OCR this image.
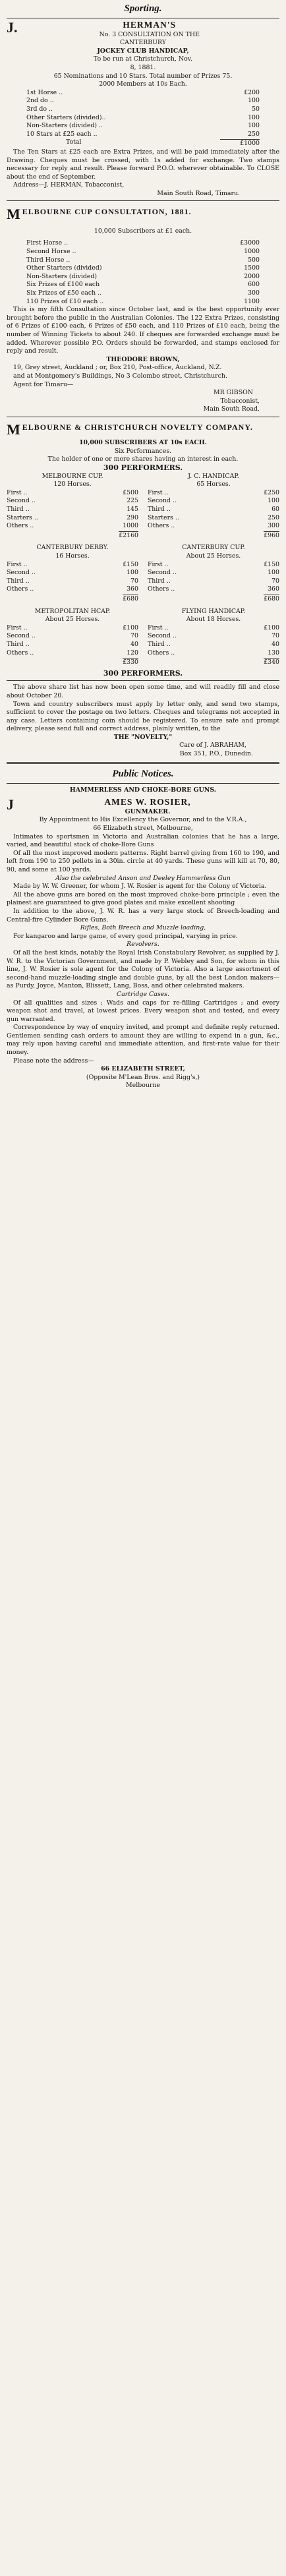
Sporting.

J.	HERMAN'S

No. 3 CONSULTATION ON THE

CANTERBURY

JOCKEY CLUB HANDICAP,

To be run at Christchurch, Nov.

8, 1881.

65 Nominations and 10 Stars. Total number of Prizes 75.

2000 Members at 10s Each.

1st Horse ..	£200
2nd do ..	100
3rd do ..	50
Other Starters (divided)..	100
Non-Starters (divided) ..	100
10 Stars at £25 each ..	250
Total	£1000

The Ten Stars at £25 each are Extra Prizes, and will be paid immediately after the Drawing. Cheques must be crossed, with 1s added for exchange. Two stamps necessary for reply and result. Please forward P.O.O. wherever obtainable. To CLOSE about the end of September.

Address—J. HERMAN, Tobacconist,

Main South Road, Timaru.

MELBOURNE CUP CONSULTATION, 1881.

10,000 Subscribers at £1 each.

First Horse ..	£3000
Second Horse ..	1000
Third Horse ..	500
Other Starters (divided)	1500
Non-Starters (divided)	2000
Six Prizes of £100 each	600
Six Prizes of £50 each ..	300
110 Prizes of £10 each ..	1100

This is my fifth Consultation since October last, and is the best opportunity ever brought before the public in the Australian Colonies. The 122 Extra Prizes, consisting of 6 Prizes of £100 each, 6 Prizes of £50 each, and 110 Prizes of £10 each, being the number of Winning Tickets to about 240. If cheques are forwarded exchange must be added. Wherever possible P.O. Orders should be forwarded, and stamps enclosed for reply and result.

THEODORE BROWN,

19, Grey street, Auckland ; or, Box 210, Post-office, Auckland, N.Z.

and at Montgomery's Buildings, No 3 Colombo street, Christchurch.

Agent for Timaru—

MR GIBSON

Tobacconist,

Main South Road.

MELBOURNE & CHRISTCHURCH NOVELTY COMPANY.

10,000 SUBSCRIBERS AT 10s EACH.

Six Performances.

The holder of one or more shares having an interest in each.

300 PERFORMERS.

MELBOURNE CUP.

120 Horses.

First ..	£500
Second ..	225
Third ..	145
Starters ..	290
Others ..	1000
£2160

J. C. HANDICAP.

65 Horses.

First ..	£250
Second ..	100
Third ..	60
Starters ..	250
Others ..	300
£960

CANTERBURY DERBY.

16 Horses.

First ..	£150
Second ..	100
Third ..	70
Others ..	360
£680

CANTERBURY CUP.

About 25 Horses.

First ..	£150
Second ..	100
Third ..	70
Others ..	360
£680

METROPOLITAN HCAP.

About 25 Horses.

First ..	£100
Second ..	70
Third ..	40
Others ..	120
£330

FLYING HANDICAP.

About 18 Horses.

First ..	£100
Second ..	70
Third ..	40
Others ..	130
£340

300 PERFORMERS.

The above share list has now been open some time, and will readily fill and close about October 20.

Town and country subscribers must apply by letter only, and send two stamps, sufficient to cover the postage on two letters. Cheques and telegrams not accepted in any case. Letters containing coin should be registered. To ensure safe and prompt delivery, please send full and correct address, plainly written, to the

THE "NOVELTY,"

Care of J. ABRAHAM,

Box 351, P.O., Dunedin.

Public Notices.

HAMMERLESS AND CHOKE-BORE GUNS.

J	AMES W. ROSIER,

GUNMAKER.

By Appointment to His Excellency the Governor, and to the V.R.A.,

66 Elizabeth street, Melbourne,

Intimates to sportsmen in Victoria and Australian colonies that he has a large, varied, and beautiful stock of choke-Bore Guns

Of all the most improved modern patterns. Right barrel giving from 160 to 190, and left from 190 to 250 pellets in a 30in. circle at 40 yards. These guns will kill at 70, 80, 90, and some at 100 yards.

Also the celebrated Anson and Deeley Hammerless Gun

Made by W. W. Greener, for whom J. W. Rosier is agent for the Colony of Victoria.

All the above guns are bored on the most improved choke-bore principle ; even the plainest are guaranteed to give good plates and make excellent shooting

In addition to the above, J. W. R. has a very large stock of Breech-loading and Central-fire Cylinder Bore Guns.

Rifles, Both Breech and Muzzle loading,

For kangaroo and large game, of every good principal, varying in price.

Revolvers.

Of all the best kinds, notably the Royal Irish Constabulary Revolver, as supplied by J. W. R. to the Victorian Government, and made by P. Webley and Son, for whom in this line, J. W. Rosier is sole agent for the Colony of Victoria. Also a large assortment of second-hand muzzle-loading single and double guns, by all the best London makers—as Purdy, Joyce, Manton, Blissett, Lang, Boss, and other celebrated makers.

Cartridge Cases.

Of all qualities and sizes ; Wads and caps for re-filling Cartridges ; and every weapon shot and travel, at lowest prices. Every weapon shot and tested, and every gun warranted.

Correspondence by way of enquiry invited, and prompt and definite reply returned. Gentlemen sending cash orders to amount they are willing to expend in a gun, &c., may rely upon having careful and immediate attention, and first-rate value for their money.

Please note the address—

66 ELIZABETH STREET,

(Opposite M'Lean Bros. and Rigg's,)

Melbourne
